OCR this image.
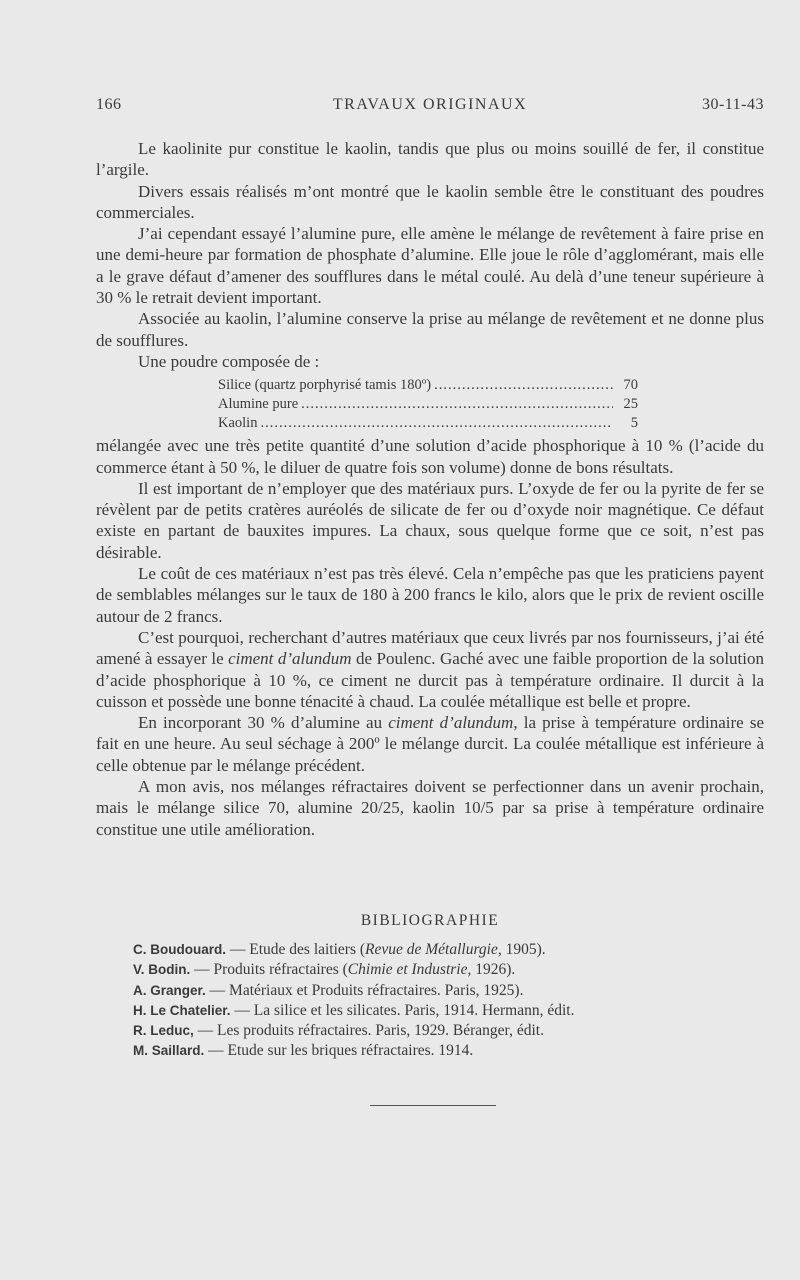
166	TRAVAUX ORIGINAUX	30-11-43

Le kaolinite pur constitue le kaolin, tandis que plus ou moins souillé de fer, il constitue l’argile.

Divers essais réalisés m’ont montré que le kaolin semble être le constituant des poudres commerciales.

J’ai cependant essayé l’alumine pure, elle amène le mélange de revêtement à faire prise en une demi-heure par formation de phosphate d’alumine. Elle joue le rôle d’agglomérant, mais elle a le grave défaut d’amener des soufflures dans le métal coulé. Au delà d’une teneur supérieure à 30 % le retrait devient important.

Associée au kaolin, l’alumine conserve la prise au mélange de revêtement et ne donne plus de soufflures.

Une poudre composée de :

Silice (quartz porphyrisé tamis 180º) .....	70
Alumine pure .....	25
Kaolin .....	5

mélangée avec une très petite quantité d’une solution d’acide phosphorique à 10 % (l’acide du commerce étant à 50 %, le diluer de quatre fois son volume) donne de bons résultats.

Il est important de n’employer que des matériaux purs. L’oxyde de fer ou la pyrite de fer se révèlent par de petits cratères auréolés de silicate de fer ou d’oxyde noir magnétique. Ce défaut existe en partant de bauxites impures. La chaux, sous quelque forme que ce soit, n’est pas désirable.

Le coût de ces matériaux n’est pas très élevé. Cela n’empêche pas que les praticiens payent de semblables mélanges sur le taux de 180 à 200 francs le kilo, alors que le prix de revient oscille autour de 2 francs.

C’est pourquoi, recherchant d’autres matériaux que ceux livrés par nos fournisseurs, j’ai été amené à essayer le ciment d’alundum de Poulenc. Gaché avec une faible proportion de la solution d’acide phosphorique à 10 %, ce ciment ne durcit pas à température ordinaire. Il durcit à la cuisson et possède une bonne ténacité à chaud. La coulée métallique est belle et propre.

En incorporant 30 % d’alumine au ciment d’alundum, la prise à température ordinaire se fait en une heure. Au seul séchage à 200º le mélange durcit. La coulée métallique est inférieure à celle obtenue par le mélange précédent.

A mon avis, nos mélanges réfractaires doivent se perfectionner dans un avenir prochain, mais le mélange silice 70, alumine 20/25, kaolin 10/5 par sa prise à température ordinaire constitue une utile amélioration.

BIBLIOGRAPHIE
C. Boudouard. — Etude des laitiers (Revue de Métallurgie, 1905).
V. Bodin. — Produits réfractaires (Chimie et Industrie, 1926).
A. Granger. — Matériaux et Produits réfractaires. Paris, 1925).
H. Le Chatelier. — La silice et les silicates. Paris, 1914. Hermann, édit.
R. Leduc, — Les produits réfractaires. Paris, 1929. Béranger, édit.
M. Saillard. — Etude sur les briques réfractaires. 1914.
